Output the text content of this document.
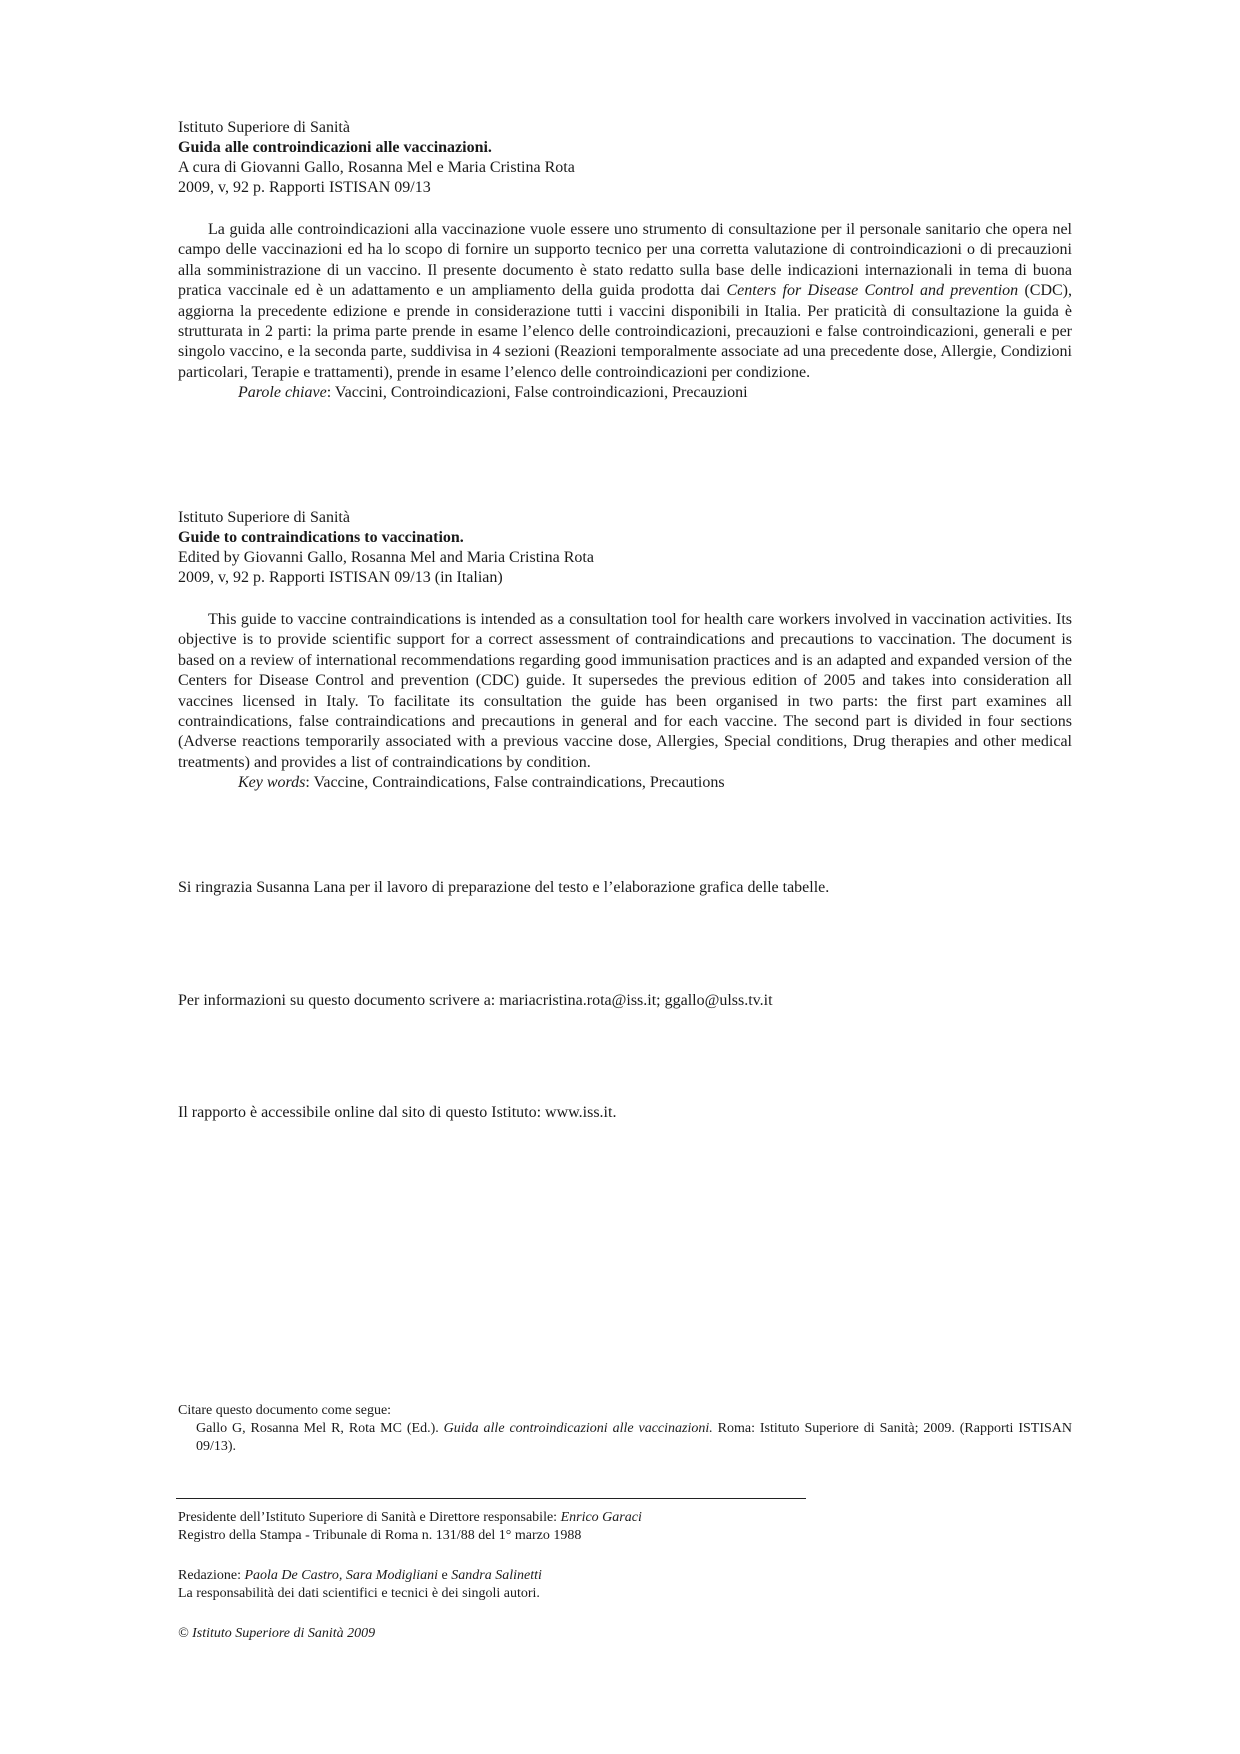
Istituto Superiore di Sanità
Guida alle controindicazioni alle vaccinazioni.
A cura di Giovanni Gallo, Rosanna Mel e Maria Cristina Rota
2009, v, 92 p. Rapporti ISTISAN 09/13

La guida alle controindicazioni alla vaccinazione vuole essere uno strumento di consultazione per il personale sanitario che opera nel campo delle vaccinazioni ed ha lo scopo di fornire un supporto tecnico per una corretta valutazione di controindicazioni o di precauzioni alla somministrazione di un vaccino. Il presente documento è stato redatto sulla base delle indicazioni internazionali in tema di buona pratica vaccinale ed è un adattamento e un ampliamento della guida prodotta dai Centers for Disease Control and prevention (CDC), aggiorna la precedente edizione e prende in considerazione tutti i vaccini disponibili in Italia. Per praticità di consultazione la guida è strutturata in 2 parti: la prima parte prende in esame l’elenco delle controindicazioni, precauzioni e false controindicazioni, generali e per singolo vaccino, e la seconda parte, suddivisa in 4 sezioni (Reazioni temporalmente associate ad una precedente dose, Allergie, Condizioni particolari, Terapie e trattamenti), prende in esame l’elenco delle controindicazioni per condizione.

Parole chiave: Vaccini, Controindicazioni, False controindicazioni, Precauzioni

Istituto Superiore di Sanità
Guide to contraindications to vaccination.
Edited by Giovanni Gallo, Rosanna Mel and Maria Cristina Rota
2009, v, 92 p. Rapporti ISTISAN 09/13 (in Italian)

This guide to vaccine contraindications is intended as a consultation tool for health care workers involved in vaccination activities. Its objective is to provide scientific support for a correct assessment of contraindications and precautions to vaccination. The document is based on a review of international recommendations regarding good immunisation practices and is an adapted and expanded version of the Centers for Disease Control and prevention (CDC) guide. It supersedes the previous edition of 2005 and takes into consideration all vaccines licensed in Italy. To facilitate its consultation the guide has been organised in two parts: the first part examines all contraindications, false contraindications and precautions in general and for each vaccine. The second part is divided in four sections (Adverse reactions temporarily associated with a previous vaccine dose, Allergies, Special conditions, Drug therapies and other medical treatments) and provides a list of contraindications by condition.

Key words: Vaccine, Contraindications, False contraindications, Precautions

Si ringrazia Susanna Lana per il lavoro di preparazione del testo e l’elaborazione grafica delle tabelle.
Per informazioni su questo documento scrivere a: mariacristina.rota@iss.it; ggallo@ulss.tv.it
Il rapporto è accessibile online dal sito di questo Istituto: www.iss.it.
Citare questo documento come segue:
Gallo G, Rosanna Mel R, Rota MC (Ed.). Guida alle controindicazioni alle vaccinazioni. Roma: Istituto Superiore di Sanità; 2009. (Rapporti ISTISAN 09/13).
Presidente dell’Istituto Superiore di Sanità e Direttore responsabile: Enrico Garaci
Registro della Stampa - Tribunale di Roma n. 131/88 del 1° marzo 1988
Redazione: Paola De Castro, Sara Modigliani e Sandra Salinetti
La responsabilità dei dati scientifici e tecnici è dei singoli autori.
© Istituto Superiore di Sanità 2009
